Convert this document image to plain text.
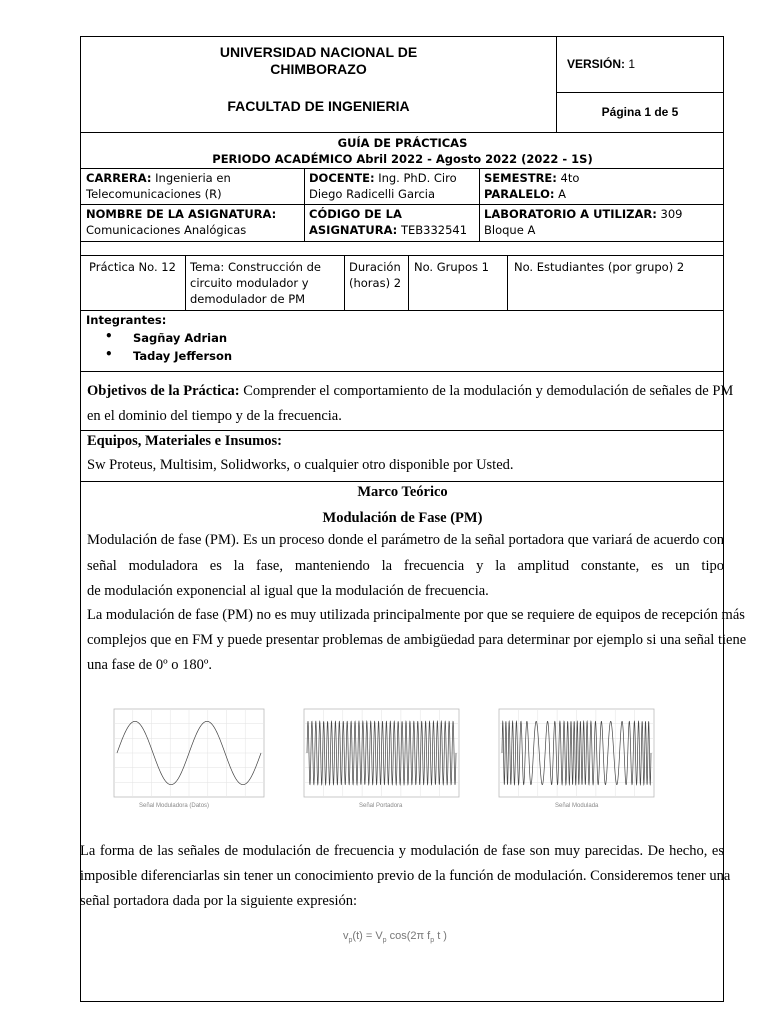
UNIVERSIDAD NACIONAL DE
CHIMBORAZO
FACULTAD DE INGENIERIA
VERSIÓN: 1
Página 1 de 5
GUÍA DE PRÁCTICAS
PERIODO ACADÉMICO Abril 2022 - Agosto 2022 (2022 - 1S)
CARRERA: Ingenieria en
Telecomunicaciones (R)
DOCENTE: Ing. PhD. Ciro
Diego Radicelli Garcia
SEMESTRE: 4to
PARALELO: A
NOMBRE DE LA ASIGNATURA:
Comunicaciones Analógicas
CÓDIGO DE LA
ASIGNATURA: TEB332541
LABORATORIO A UTILIZAR: 309 Bloque A
Práctica No. 12 Tema: Construcción de
circuito modulador y
demodulador de PM
Duración
(horas) 2
No. Grupos 1 No. Estudiantes (por grupo) 2
Integrantes:
• Sagñay Adrian
• Taday Jefferson
Objetivos de la Práctica: Comprender el comportamiento de la modulación y demodulación de señales de PM
en el dominio del tiempo y de la frecuencia.
Equipos, Materiales e Insumos:
Sw Proteus, Multisim, Solidworks, o cualquier otro disponible por Usted.
Marco Teórico
Modulación de Fase (PM)
Modulación de fase (PM). Es un proceso donde el parámetro de la señal portadora que variará de acuerdo con
señal moduladora es la fase, manteniendo la frecuencia y la amplitud constante, es un tipo
de modulación exponencial al igual que la modulación de frecuencia.
La modulación de fase (PM) no es muy utilizada principalmente por que se requiere de equipos de recepción más
complejos que en FM y puede presentar problemas de ambigüedad para determinar por ejemplo si una señal tiene
una fase de 0º o 180º.
Señal Moduladora (Datos)	Señal Portadora	Señal Modulada
La forma de las señales de modulación de frecuencia y modulación de fase son muy parecidas. De hecho, es
imposible diferenciarlas sin tener un conocimiento previo de la función de modulación. Consideremos tener una
señal portadora dada por la siguiente expresión:
$v_p(t) = V_p$ cos(2π $f_p$ t )
